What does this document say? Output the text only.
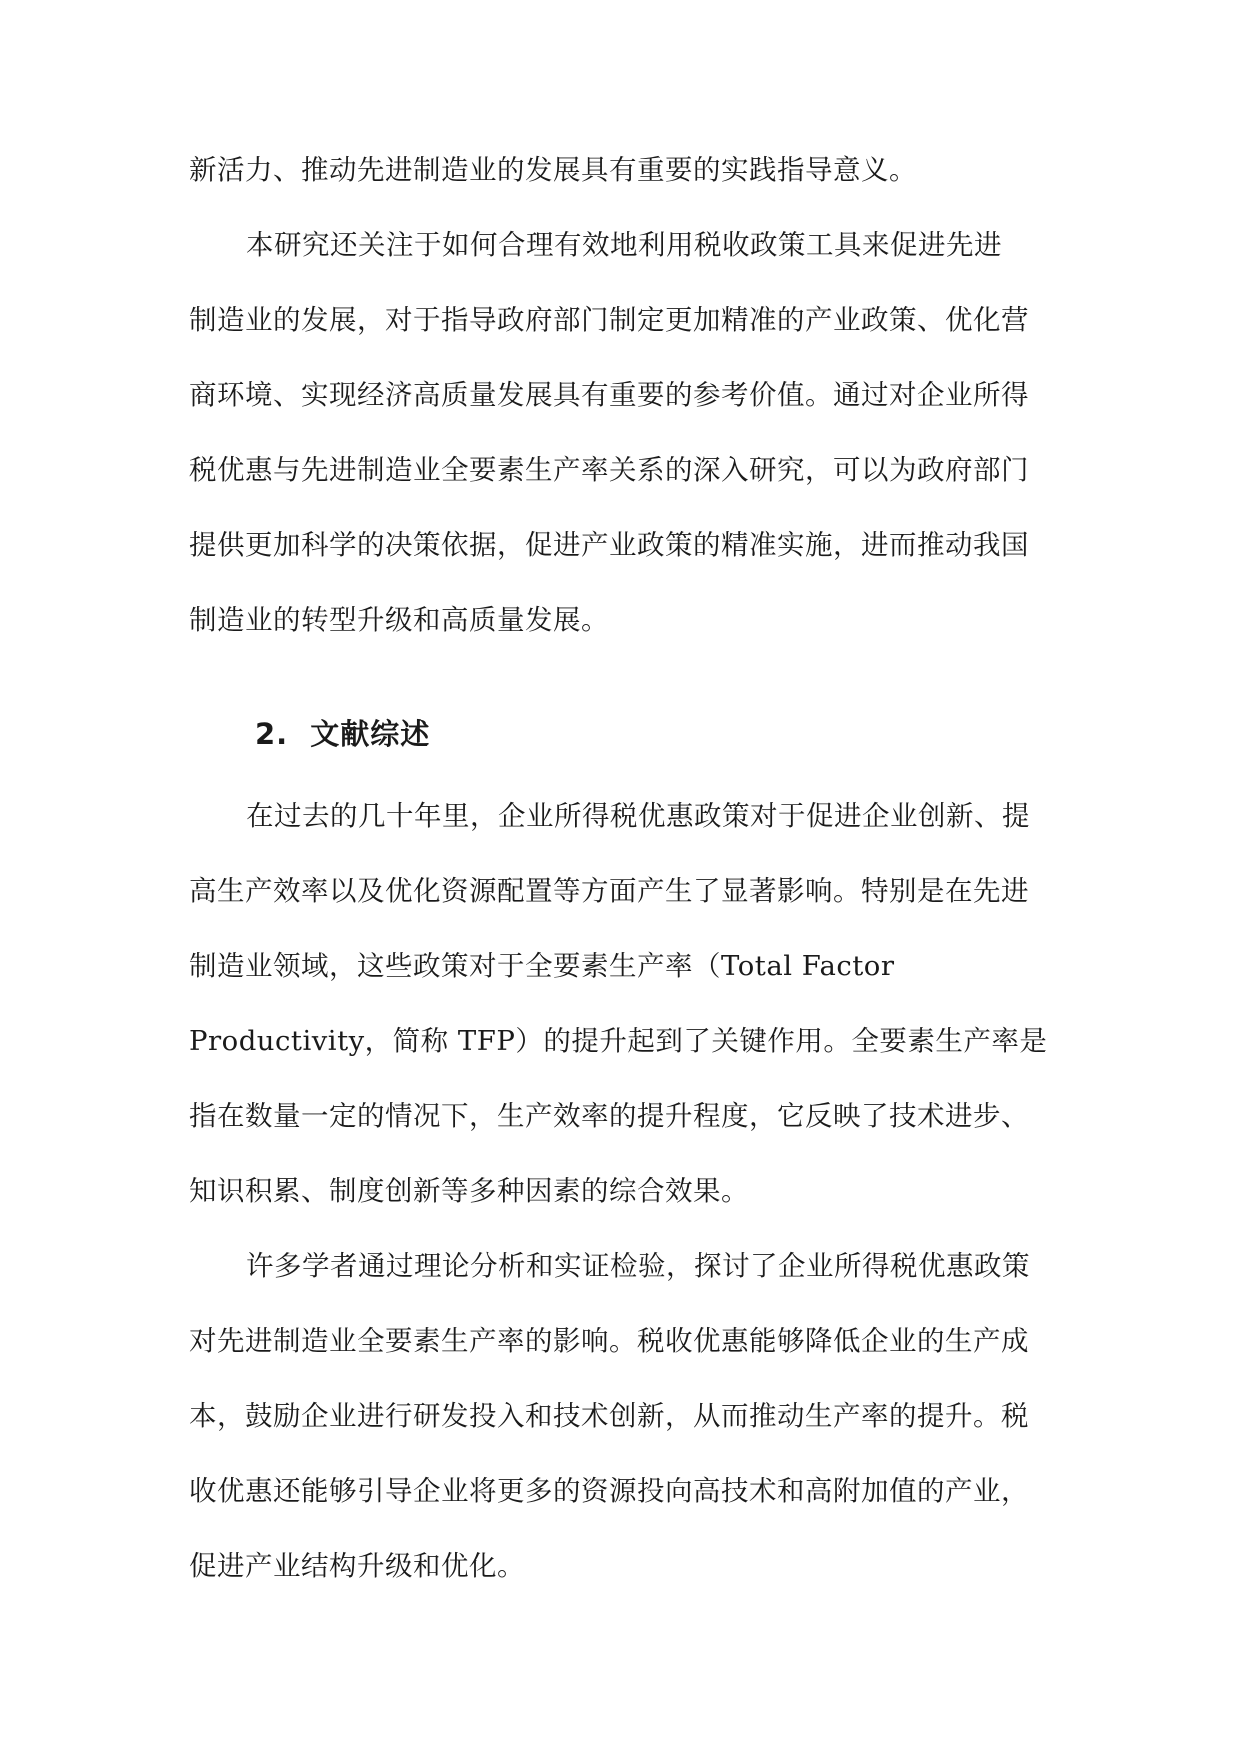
新活力、推动先进制造业的发展具有重要的实践指导意义。
本研究还关注于如何合理有效地利用税收政策工具来促进先进
制造业的发展，对于指导政府部门制定更加精准的产业政策、优化营
商环境、实现经济高质量发展具有重要的参考价值。通过对企业所得
税优惠与先进制造业全要素生产率关系的深入研究，可以为政府部门
提供更加科学的决策依据，促进产业政策的精准实施，进而推动我国
制造业的转型升级和高质量发展。
2. 文献综述
在过去的几十年里，企业所得税优惠政策对于促进企业创新、提
高生产效率以及优化资源配置等方面产生了显著影响。特别是在先进
制造业领域，这些政策对于全要素生产率（Total Factor
Productivity，简称 TFP）的提升起到了关键作用。全要素生产率是
指在数量一定的情况下，生产效率的提升程度，它反映了技术进步、
知识积累、制度创新等多种因素的综合效果。
许多学者通过理论分析和实证检验，探讨了企业所得税优惠政策
对先进制造业全要素生产率的影响。税收优惠能够降低企业的生产成
本，鼓励企业进行研发投入和技术创新，从而推动生产率的提升。税
收优惠还能够引导企业将更多的资源投向高技术和高附加值的产业，
促进产业结构升级和优化。
